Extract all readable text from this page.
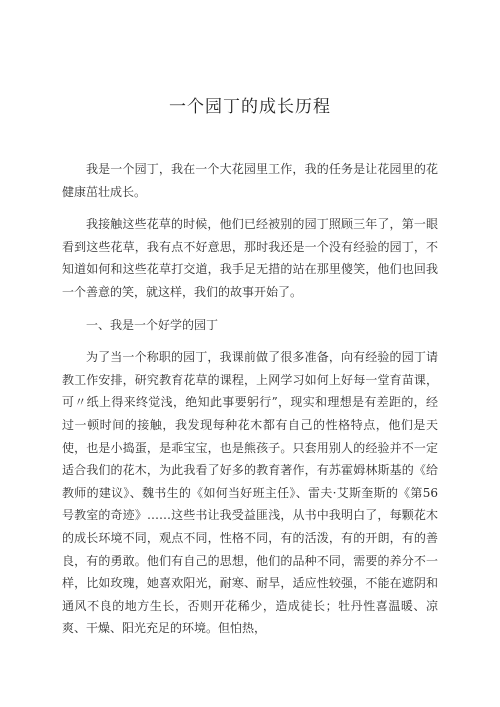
一个园丁的成长历程

我是一个园丁，我在一个大花园里工作，我的任务是让花园里的花健康茁壮成长。

我接触这些花草的时候，他们已经被别的园丁照顾三年了，第一眼看到这些花草，我有点不好意思，那时我还是一个没有经验的园丁，不知道如何和这些花草打交道，我手足无措的站在那里傻笑，他们也回我一个善意的笑，就这样，我们的故事开始了。

一、我是一个好学的园丁

为了当一个称职的园丁，我课前做了很多准备，向有经验的园丁请教工作安排，研究教育花草的课程，上网学习如何上好每一堂育苗课，可〃纸上得来终觉浅，绝知此事要躬行”，现实和理想是有差距的，经过一顿时间的接触，我发现每种花木都有自己的性格特点，他们是天使，也是小捣蛋，是乖宝宝，也是熊孩子。只套用别人的经验并不一定适合我们的花木，为此我看了好多的教育著作，有苏霍姆林斯基的《给教师的建议》、魏书生的《如何当好班主任》、雷夫·艾斯奎斯的《第56号教室的奇迹》……这些书让我受益匪浅，从书中我明白了，每颗花木的成长环境不同，观点不同，性格不同，有的活泼，有的开朗，有的善良，有的勇敢。他们有自己的思想，他们的品种不同，需要的养分不一样，比如玫瑰，她喜欢阳光，耐寒、耐旱，适应性较强，不能在遮阴和通风不良的地方生长，否则开花稀少，造成徒长；牡丹性喜温暖、凉爽、干燥、阳光充足的环境。但怕热，
